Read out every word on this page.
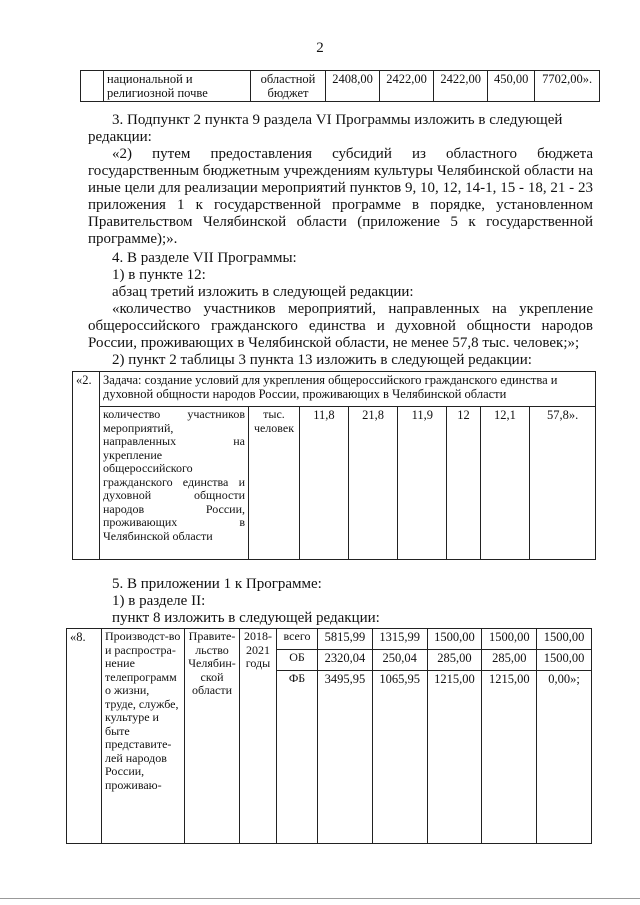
2
	национальной и религиозной почве	областной бюджет	2408,00	2422,00	2422,00	450,00	7702,00».
3. Подпункт 2 пункта 9 раздела VI Программы изложить в следующей редакции:
«2) путем предоставления субсидий из областного бюджета государственным бюджетным учреждениям культуры Челябинской области на иные цели для реализации мероприятий пунктов 9, 10, 12, 14-1, 15 - 18, 21 - 23 приложения 1 к государственной программе в порядке, установленном Правительством Челябинской области (приложение 5 к государственной программе);».
4. В разделе VII Программы:
1) в пункте 12:
абзац третий изложить в следующей редакции:
«количество участников мероприятий, направленных на укрепление общероссийского гражданского единства и духовной общности народов России, проживающих в Челябинской области, не менее 57,8 тыс. человек;»;
2) пункт 2 таблицы 3 пункта 13 изложить в следующей редакции:
«2.	Задача: создание условий для укрепления общероссийского гражданского единства и духовной общности народов России, проживающих в Челябинской области							
	количество участников мероприятий, направленных на укрепление общероссийского гражданского единства и духовной общности народов России, проживающих в Челябинской области	тыс. человек	11,8	21,8	11,9	12	12,1	57,8».
5. В приложении 1 к Программе:
1) в разделе II:
пункт 8 изложить в следующей редакции:
«8.	Производст-во и распростра-нение телепрограмм о жизни, труде, службе, культуре и быте представите-лей народов России, проживаю-	Правите-льство Челябин-ской области	2018-2021 годы	всего	5815,99	1315,99	1500,00	1500,00	1500,00
				ОБ	2320,04	250,04	285,00	285,00	1500,00
				ФБ	3495,95	1065,95	1215,00	1215,00	0,00»;
